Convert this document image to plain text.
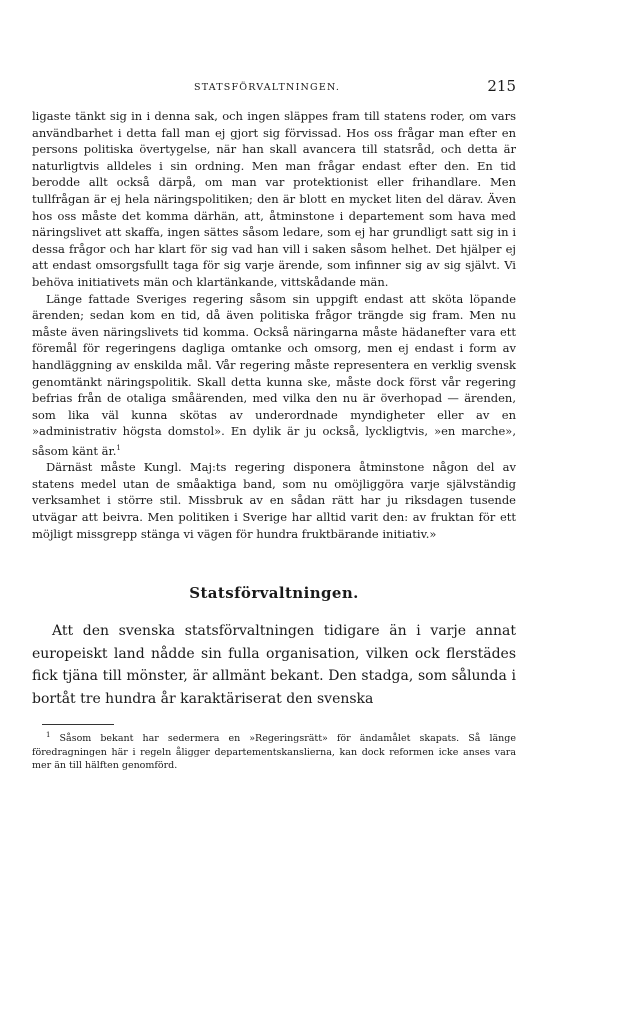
STATSFÖRVALTNINGEN.	215

ligaste tänkt sig in i denna sak, och ingen släppes fram till statens roder, om vars användbarhet i detta fall man ej gjort sig förvissad. Hos oss frågar man efter en persons politiska övertygelse, när han skall avancera till statsråd, och detta är naturligtvis alldeles i sin ordning. Men man frågar endast efter den. En tid berodde allt också därpå, om man var protektionist eller frihandlare. Men tullfrågan är ej hela näringspolitiken; den är blott en mycket liten del därav. Även hos oss måste det komma därhän, att, åtminstone i departement som hava med näringslivet att skaffa, ingen sättes såsom ledare, som ej har grundligt satt sig in i dessa frågor och har klart för sig vad han vill i saken såsom helhet. Det hjälper ej att endast omsorgsfullt taga för sig varje ärende, som infinner sig av sig självt. Vi behöva initiativets män och klartänkande, vittskådande män.

Länge fattade Sveriges regering såsom sin uppgift endast att sköta löpande ärenden; sedan kom en tid, då även politiska frågor trängde sig fram. Men nu måste även näringslivets tid komma. Också näringarna måste hädanefter vara ett föremål för regeringens dagliga omtanke och omsorg, men ej endast i form av handläggning av enskilda mål. Vår regering måste representera en verklig svensk genomtänkt näringspolitik. Skall detta kunna ske, måste dock först vår regering befrias från de otaliga småärenden, med vilka den nu är överhopad — ärenden, som lika väl kunna skötas av underordnade myndigheter eller av en »administrativ högsta domstol». En dylik är ju också, lyckligtvis, »en marche», såsom känt är.$^1$

Därnäst måste Kungl. Maj:ts regering disponera åtminstone någon del av statens medel utan de småaktiga band, som nu omöjliggöra varje självständig verksamhet i större stil. Missbruk av en sådan rätt har ju riksdagen tusende utvägar att beivra. Men politiken i Sverige har alltid varit den: av fruktan för ett möjligt missgrepp stänga vi vägen för hundra fruktbärande initiativ.»

Statsförvaltningen.

Att den svenska statsförvaltningen tidigare än i varje annat europeiskt land nådde sin fulla organisation, vilken ock flerstädes fick tjäna till mönster, är allmänt bekant. Den stadga, som sålunda i bortåt tre hundra år karaktäriserat den svenska

$^1$ Såsom bekant har sedermera en »Regeringsrätt» för ändamålet skapats. Så länge föredragningen här i regeln åligger departementskanslierna, kan dock reformen icke anses vara mer än till hälften genomförd.
